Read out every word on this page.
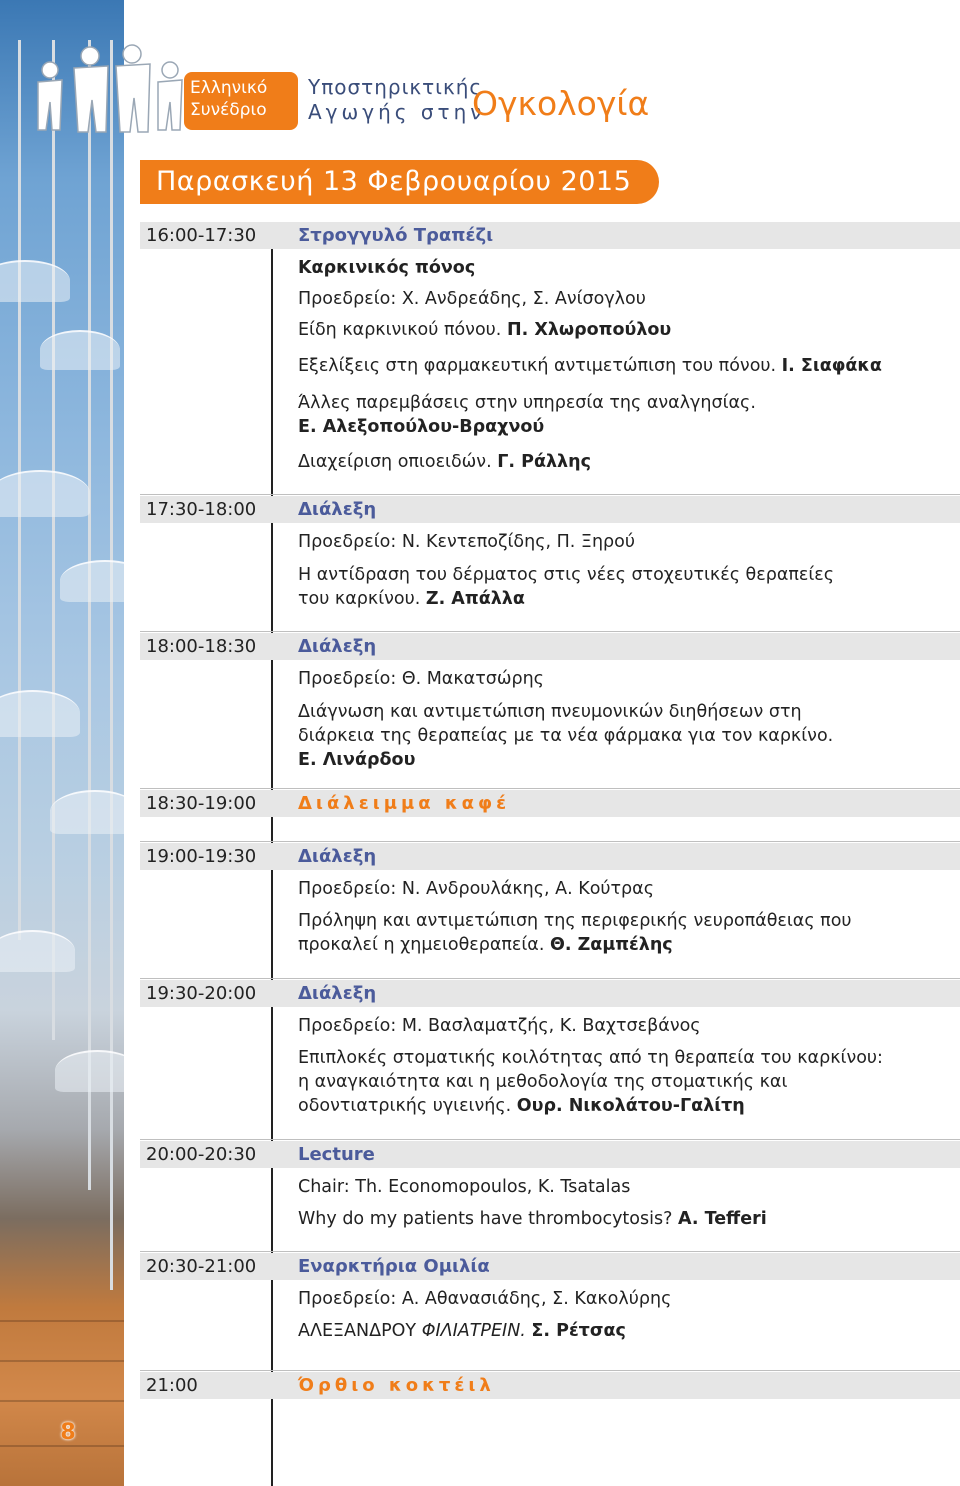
8
Ελληνικό
Συνέδριο
Υποστηρικτικής
Αγωγής στην
Ογκολογία
Παρασκευή 13 Φεβρουαρίου 2015
16:00-17:30 Στρογγυλό Τραπέζι
Καρκινικός πόνος
Προεδρείο: Χ. Ανδρεάδης, Σ. Ανίσογλου
Είδη καρκινικού πόνου. Π. Χλωροπούλου
Εξελίξεις στη φαρμακευτική αντιμετώπιση του πόνου. Ι. Σιαφάκα
Άλλες παρεμβάσεις στην υπηρεσία της αναλγησίας.
Ε. Αλεξοπούλου-Βραχνού
Διαχείριση οπιοειδών. Γ. Ράλλης
17:30-18:00 Διάλεξη
Προεδρείο: Ν. Κεντεποζίδης, Π. Ξηρού
Η αντίδραση του δέρματος στις νέες στοχευτικές θεραπείες
του καρκίνου. Ζ. Απάλλα
18:00-18:30 Διάλεξη
Προεδρείο: Θ. Μακατσώρης
Διάγνωση και αντιμετώπιση πνευμονικών διηθήσεων στη
διάρκεια της θεραπείας με τα νέα φάρμακα για τον καρκίνο.
Ε. Λινάρδου
18:30-19:00 Διάλειμμα καφέ
19:00-19:30 Διάλεξη
Προεδρείο: Ν. Ανδρουλάκης, Α. Κούτρας
Πρόληψη και αντιμετώπιση της περιφερικής νευροπάθειας που
προκαλεί η χημειοθεραπεία. Θ. Ζαμπέλης
19:30-20:00 Διάλεξη
Προεδρείο: Μ. Βασλαματζής, Κ. Βαχτσεβάνος
Επιπλοκές στοματικής κοιλότητας από τη θεραπεία του καρκίνου:
η αναγκαιότητα και η μεθοδολογία της στοματικής και
οδοντιατρικής υγιεινής. Ουρ. Νικολάτου-Γαλίτη
20:00-20:30 Lecture
Chair: Th. Economopoulos, K. Tsatalas
Why do my patients have thrombocytosis? A. Tefferi
20:30-21:00 Εναρκτήρια Ομιλία
Προεδρείο: Α. Αθανασιάδης, Σ. Κακολύρης
ΑΛΕΞΑΝΔΡΟΥ ΦΙΛΙΑΤΡΕΙΝ. Σ. Ρέτσας
21:00	Όρθιο κοκτέιλ
